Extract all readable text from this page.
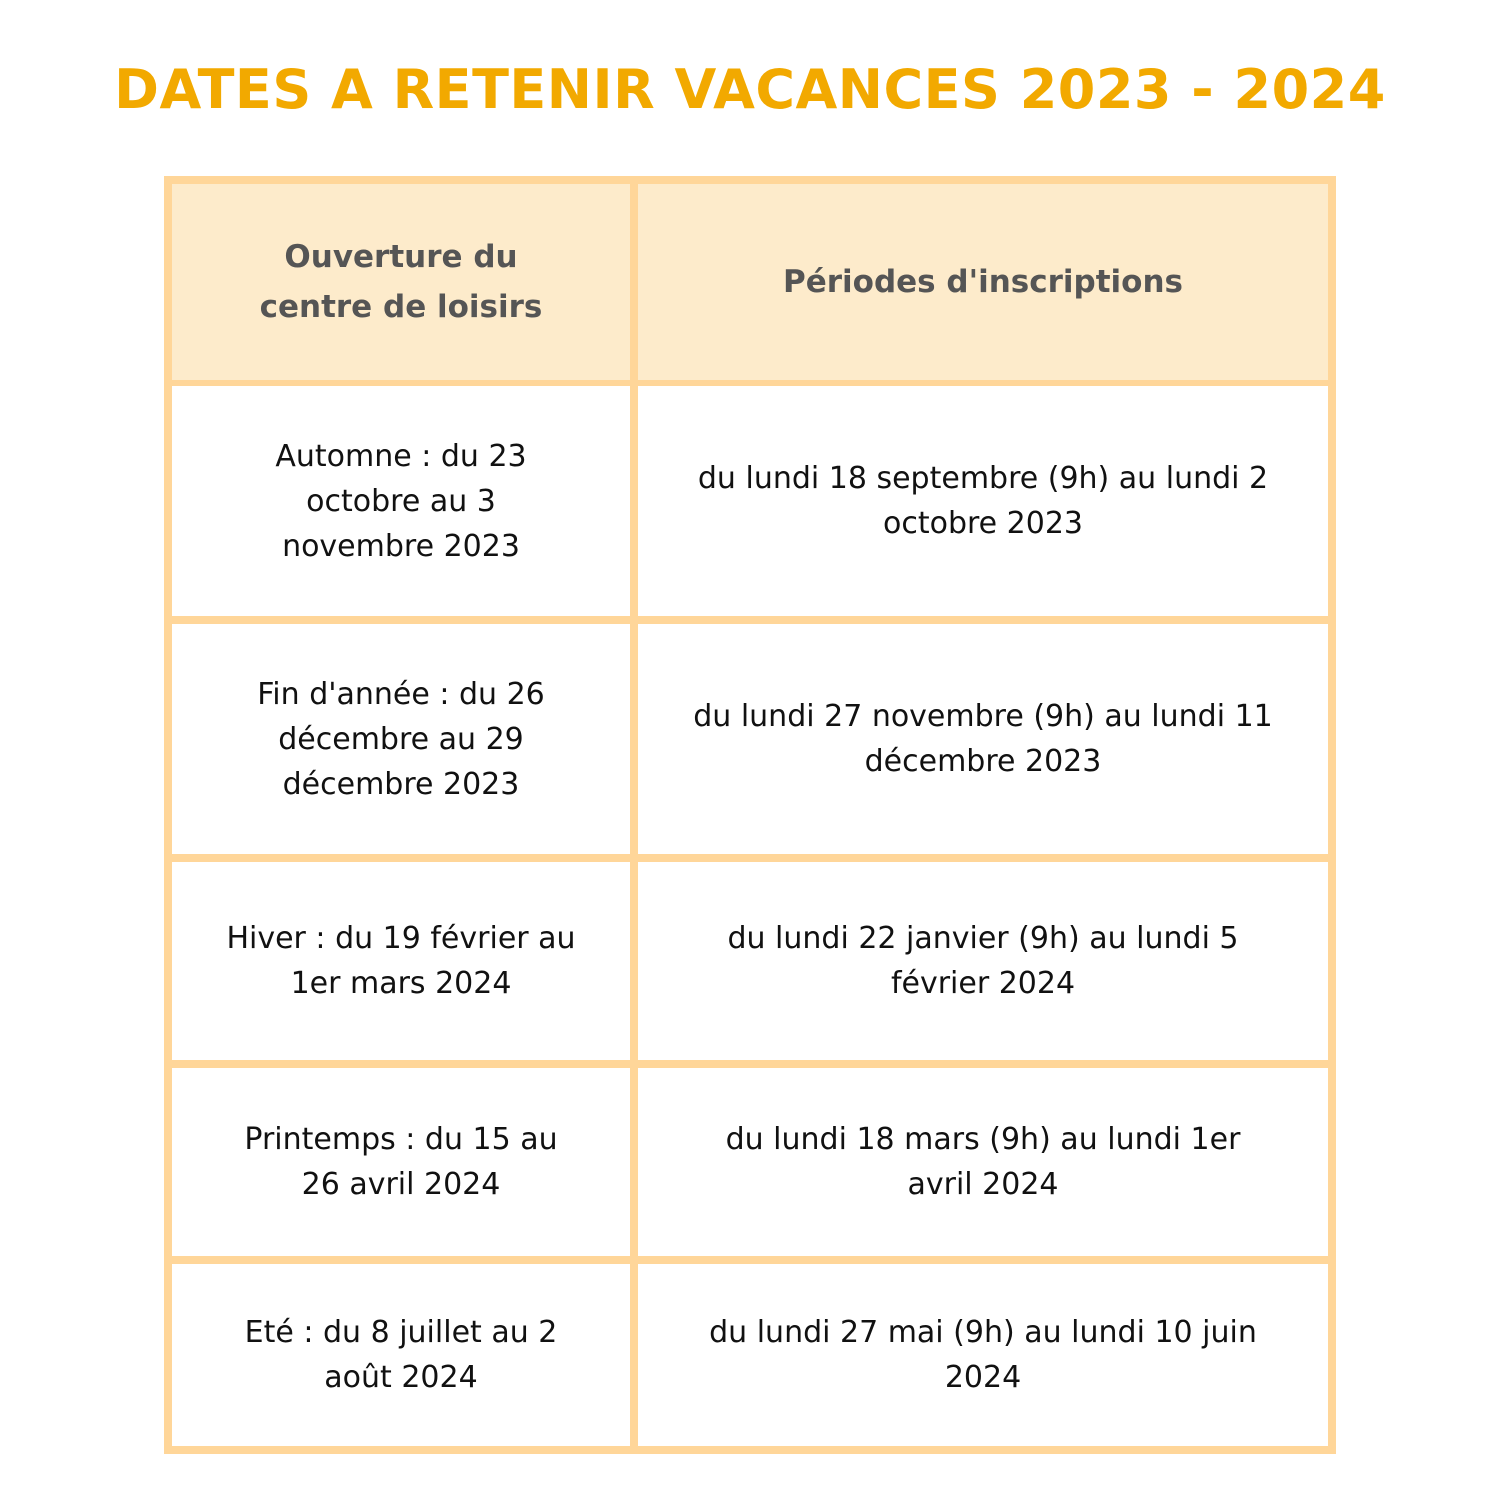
DATES A RETENIR VACANCES 2023 - 2024
Ouverture du centre de loisirs
Périodes d'inscriptions
Automne : du 23 octobre au 3 novembre 2023
du lundi 18 septembre (9h) au lundi 2 octobre 2023
Fin d'année : du 26 décembre au 29 décembre 2023
du lundi 27 novembre (9h) au lundi 11 décembre 2023
Hiver : du 19 février au 1er mars 2024
du lundi 22 janvier (9h) au lundi 5 février 2024
Printemps : du 15 au 26 avril 2024
du lundi 18 mars (9h) au lundi 1er avril 2024
Eté : du 8 juillet au 2 août 2024
du lundi 27 mai (9h) au lundi 10 juin 2024
